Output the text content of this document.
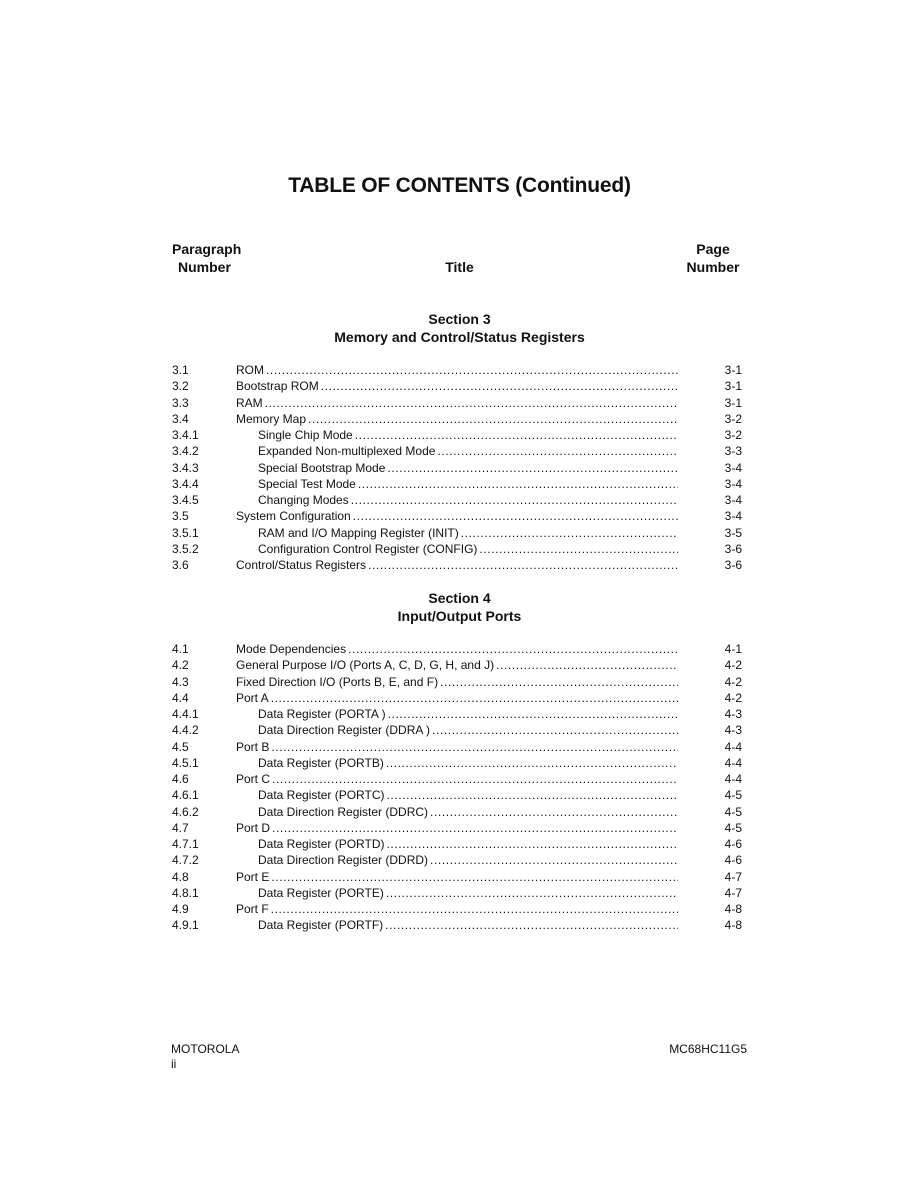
TABLE OF CONTENTS (Continued)
Paragraph
Number	Title
Page
Number
Section 3
Memory and Control/Status Registers
3.1	ROM .....	3-1
3.2	Bootstrap ROM .....	3-1
3.3	RAM .....	3-1
3.4	Memory Map .....	3-2
3.4.1	Single Chip Mode .....	3-2
3.4.2	Expanded Non-multiplexed Mode .....	3-3
3.4.3	Special Bootstrap Mode .....	3-4
3.4.4	Special Test Mode .....	3-4
3.4.5	Changing Modes .....	3-4
3.5	System Configuration .....	3-4
3.5.1	RAM and I/O Mapping Register (INIT) .....	3-5
3.5.2	Configuration Control Register (CONFIG) .....	3-6
3.6	Control/Status Registers .....	3-6
Section 4
Input/Output Ports
4.1	Mode Dependencies .....	4-1
4.2	General Purpose I/O (Ports A, C, D, G, H, and J) .....	4-2
4.3	Fixed Direction I/O (Ports B, E, and F) .....	4-2
4.4	Port A .....	4-2
4.4.1	Data Register (PORTA ) .....	4-3
4.4.2	Data Direction Register (DDRA ) .....	4-3
4.5	Port B .....	4-4
4.5.1	Data Register (PORTB) .....	4-4
4.6	Port C .....	4-4
4.6.1	Data Register (PORTC) .....	4-5
4.6.2	Data Direction Register (DDRC) .....	4-5
4.7	Port D .....	4-5
4.7.1	Data Register (PORTD) .....	4-6
4.7.2	Data Direction Register (DDRD) .....	4-6
4.8	Port E .....	4-7
4.8.1	Data Register (PORTE) .....	4-7
4.9	Port F .....	4-8
4.9.1	Data Register (PORTF) .....	4-8
MOTOROLA	MC68HC11G5
ii
